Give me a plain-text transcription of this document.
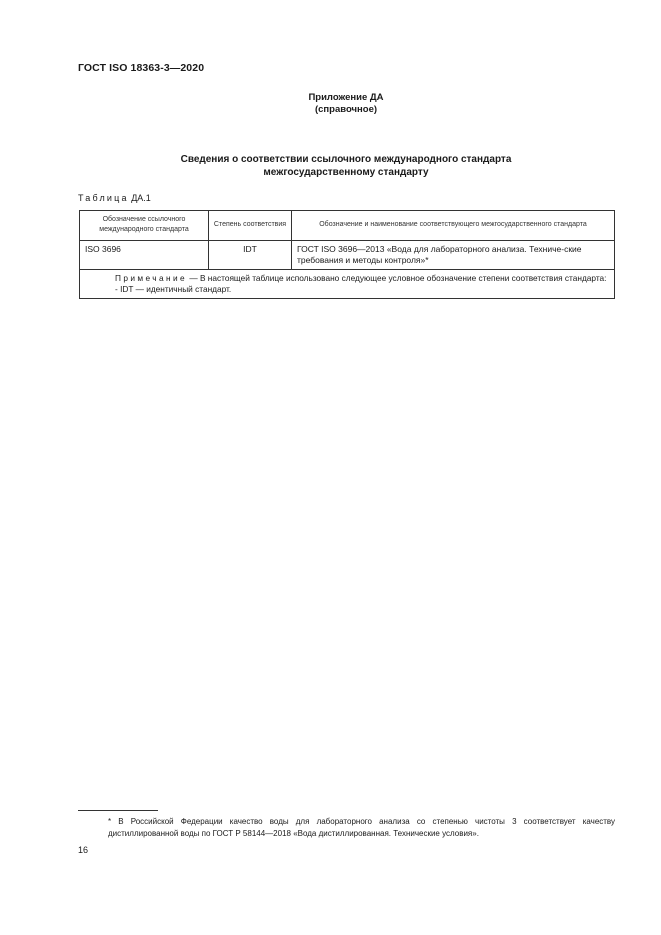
ГОСТ ISO 18363-3—2020
Приложение ДА
(справочное)
Сведения о соответствии ссылочного международного стандарта
межгосударственному стандарту
Таблица ДА.1
Обозначение ссылочного международного стандарта	Степень соответствия	Обозначение и наименование соответствующего межгосударственного стандарта
ISO 3696	IDT	ГОСТ ISO 3696—2013 «Вода для лабораторного анализа. Техниче-ские требования и методы контроля»*

Примечание — В настоящей таблице использовано следующее условное обозначение степени соответствия стандарта:
- IDT — идентичный стандарт.		
* В Российской Федерации качество воды для лабораторного анализа со степенью чистоты 3 соответствует качеству дистиллированной воды по ГОСТ Р 58144—2018 «Вода дистиллированная. Технические условия».
16
